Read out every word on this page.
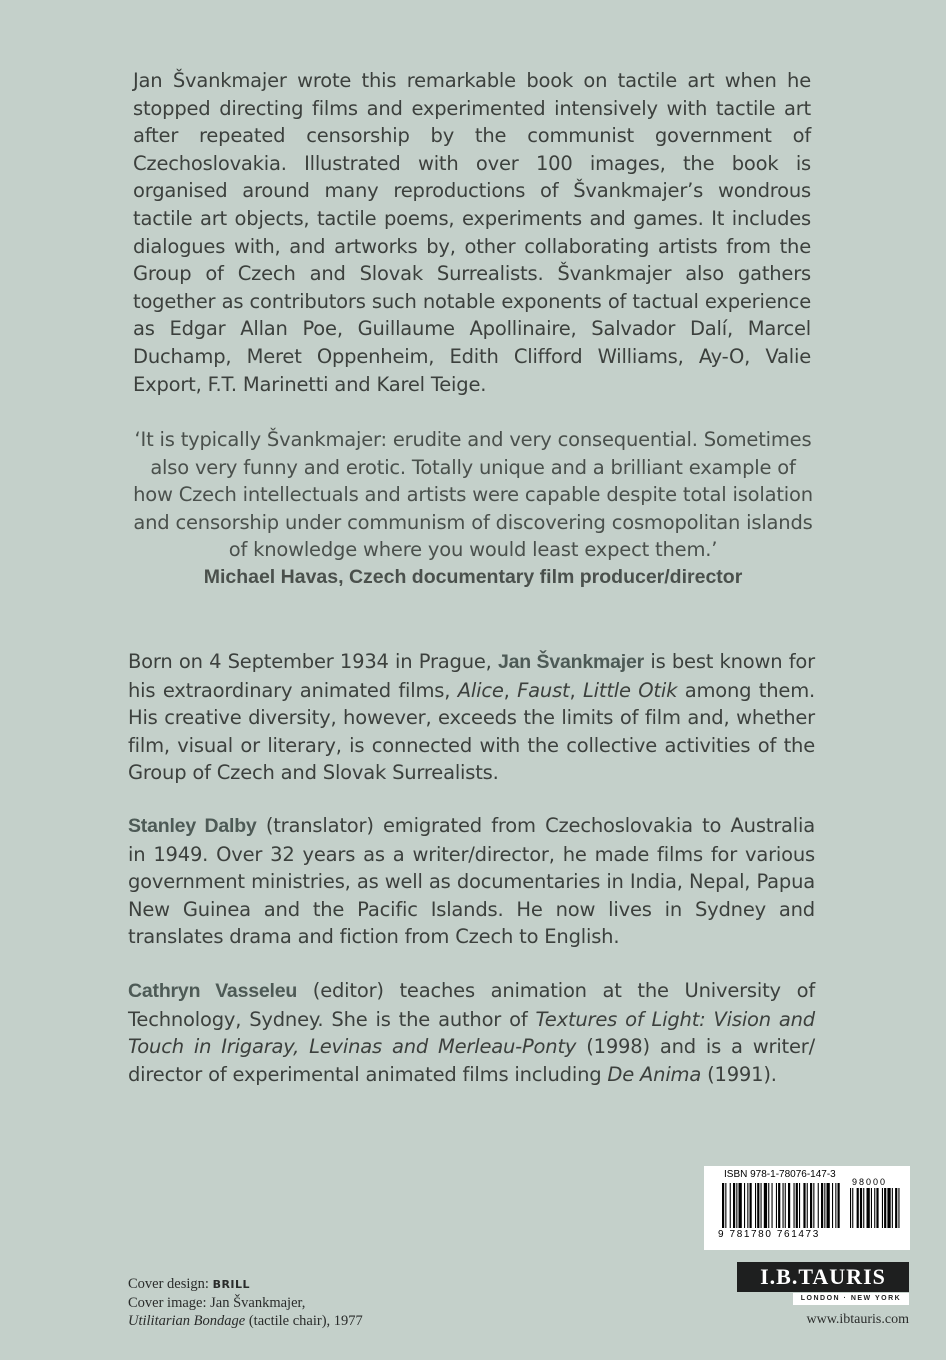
Jan Švankmajer wrote this remarkable book on tactile art when he stopped directing films and experimented intensively with tactile art after repeated censorship by the communist government of Czechoslovakia. Illustrated with over 100 images, the book is organised around many reproductions of Švankmajer’s wondrous tactile art objects, tactile poems, experiments and games. It includes dialogues with, and artworks by, other collaborating artists from the Group of Czech and Slovak Surrealists. Švankmajer also gathers together as contributors such notable exponents of tactual experience as Edgar Allan Poe, Guillaume Apollinaire, Salvador Dalí, Marcel Duchamp, Meret Oppenheim, Edith Clifford Williams, Ay-O, Valie Export, F.T. Marinetti and Karel Teige.
‘It is typically Švankmajer: erudite and very consequential. Sometimes also very funny and erotic. Totally unique and a brilliant example of how Czech intellectuals and artists were capable despite total isolation and censorship under communism of discovering cosmopolitan islands of knowledge where you would least expect them.’
Michael Havas, Czech documentary film producer/director
Born on 4 September 1934 in Prague, Jan Švankmajer is best known for his extraordinary animated films, Alice, Faust, Little Otik among them. His creative diversity, however, exceeds the limits of film and, whether film, visual or literary, is connected with the collective activities of the Group of Czech and Slovak Surrealists.
Stanley Dalby (translator) emigrated from Czechoslovakia to Australia in 1949. Over 32 years as a writer/director, he made films for various government ministries, as well as documentaries in India, Nepal, Papua New Guinea and the Pacific Islands. He now lives in Sydney and translates drama and fiction from Czech to English.
Cathryn Vasseleu (editor) teaches animation at the University of Technology, Sydney. She is the author of Textures of Light: Vision and Touch in Irigaray, Levinas and Merleau-Ponty (1998) and is a writer/ director of experimental animated films including De Anima (1991).
Cover design: BRILL
Cover image: Jan Švankmajer,
Utilitarian Bondage (tactile chair), 1977
ISBN 978-1-78076-147-3
98000
9 781780 761473
I.B.TAURIS
LONDON · NEW YORK
www.ibtauris.com
